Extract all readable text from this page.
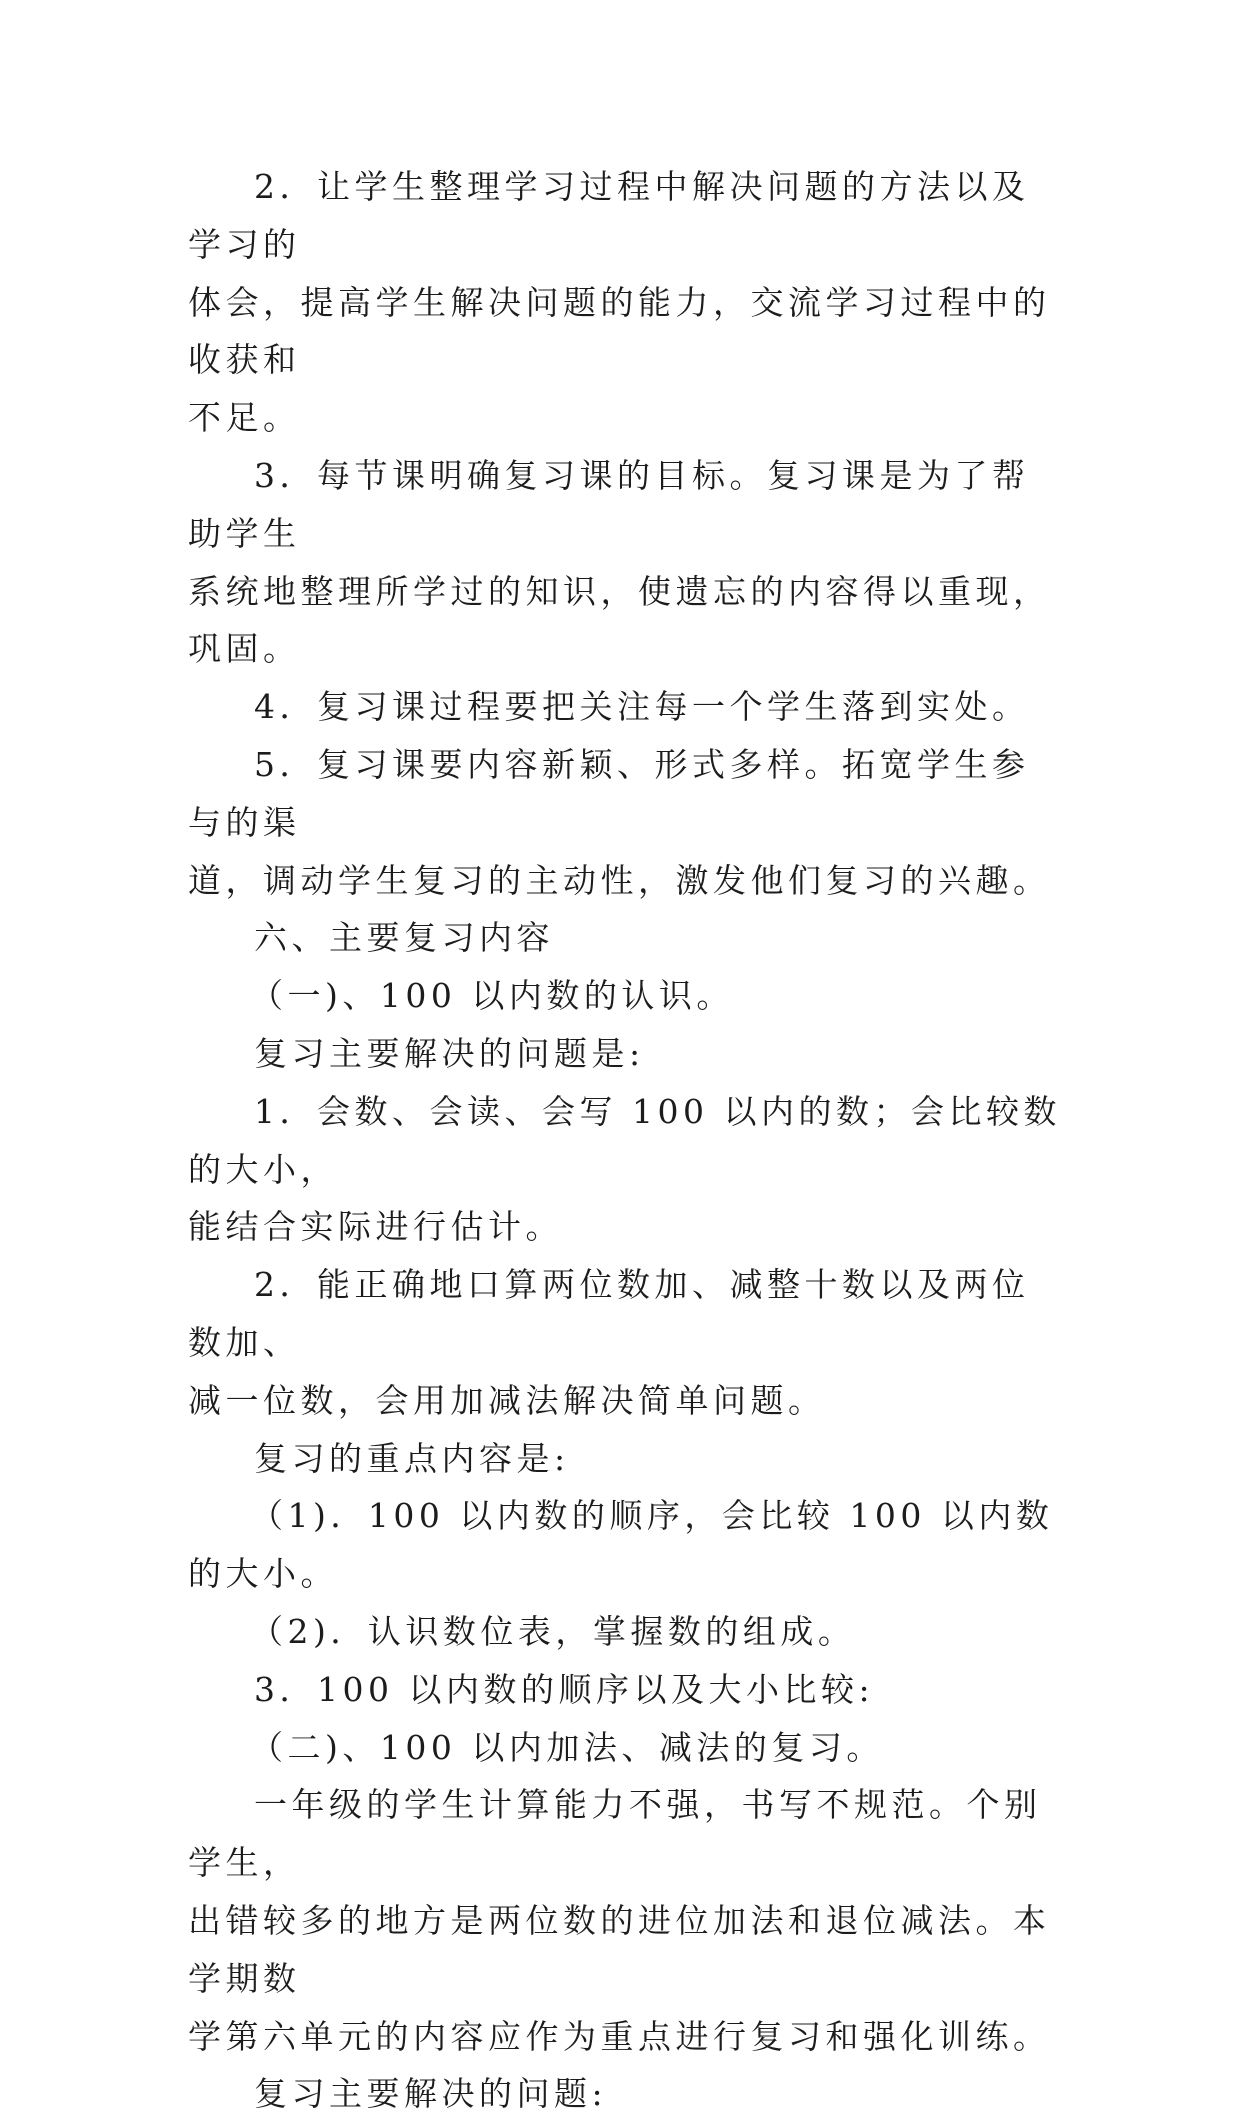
2．让学生整理学习过程中解决问题的方法以及学习的

体会，提高学生解决问题的能力，交流学习过程中的收获和

不足。

3．每节课明确复习课的目标。复习课是为了帮助学生

系统地整理所学过的知识，使遗忘的内容得以重现，巩固。

4．复习课过程要把关注每一个学生落到实处。

5．复习课要内容新颖、形式多样。拓宽学生参与的渠

道，调动学生复习的主动性，激发他们复习的兴趣。

六、主要复习内容

（一)、100 以内数的认识。

复习主要解决的问题是:

1．会数、会读、会写 100 以内的数；会比较数的大小，

能结合实际进行估计。

2．能正确地口算两位数加、减整十数以及两位数加、

减一位数，会用加减法解决简单问题。

复习的重点内容是:

（1)．100 以内数的顺序，会比较 100 以内数的大小。

（2)．认识数位表，掌握数的组成。

3．100 以内数的顺序以及大小比较:

（二)、100 以内加法、减法的复习。

一年级的学生计算能力不强，书写不规范。个别学生，

出错较多的地方是两位数的进位加法和退位减法。本学期数

学第六单元的内容应作为重点进行复习和强化训练。

复习主要解决的问题:
